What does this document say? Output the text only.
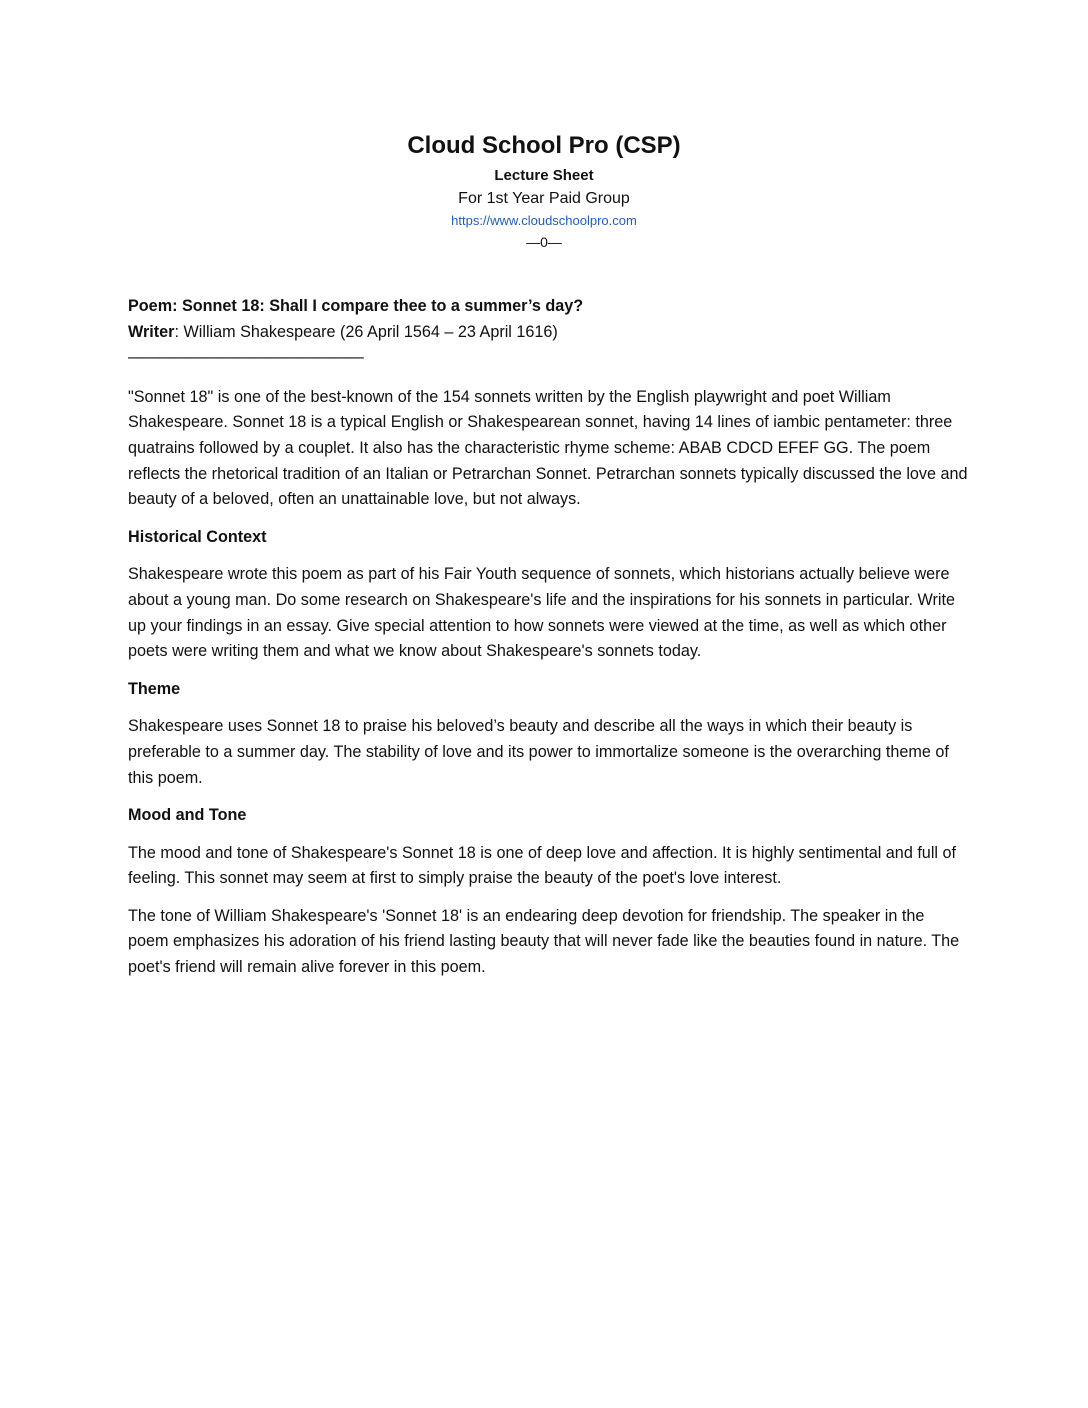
Cloud School Pro (CSP)

Lecture Sheet

For 1st Year Paid Group

https://www.cloudschoolpro.com

—0—

Poem: Sonnet 18: Shall I compare thee to a summer’s day?

Writer: William Shakespeare (26 April 1564 – 23 April 1616)

———————————————

"Sonnet 18" is one of the best-known of the 154 sonnets written by the English playwright and poet William Shakespeare. Sonnet 18 is a typical English or Shakespearean sonnet, having 14 lines of iambic pentameter: three quatrains followed by a couplet. It also has the characteristic rhyme scheme: ABAB CDCD EFEF GG. The poem reflects the rhetorical tradition of an Italian or Petrarchan Sonnet. Petrarchan sonnets typically discussed the love and beauty of a beloved, often an unattainable love, but not always.

Historical Context

Shakespeare wrote this poem as part of his Fair Youth sequence of sonnets, which historians actually believe were about a young man. Do some research on Shakespeare's life and the inspirations for his sonnets in particular. Write up your findings in an essay. Give special attention to how sonnets were viewed at the time, as well as which other poets were writing them and what we know about Shakespeare's sonnets today.

Theme

Shakespeare uses Sonnet 18 to praise his beloved’s beauty and describe all the ways in which their beauty is preferable to a summer day. The stability of love and its power to immortalize someone is the overarching theme of this poem.

Mood and Tone

The mood and tone of Shakespeare's Sonnet 18 is one of deep love and affection. It is highly sentimental and full of feeling. This sonnet may seem at first to simply praise the beauty of the poet's love interest.

The tone of William Shakespeare's 'Sonnet 18' is an endearing deep devotion for friendship. The speaker in the poem emphasizes his adoration of his friend lasting beauty that will never fade like the beauties found in nature. The poet's friend will remain alive forever in this poem.
